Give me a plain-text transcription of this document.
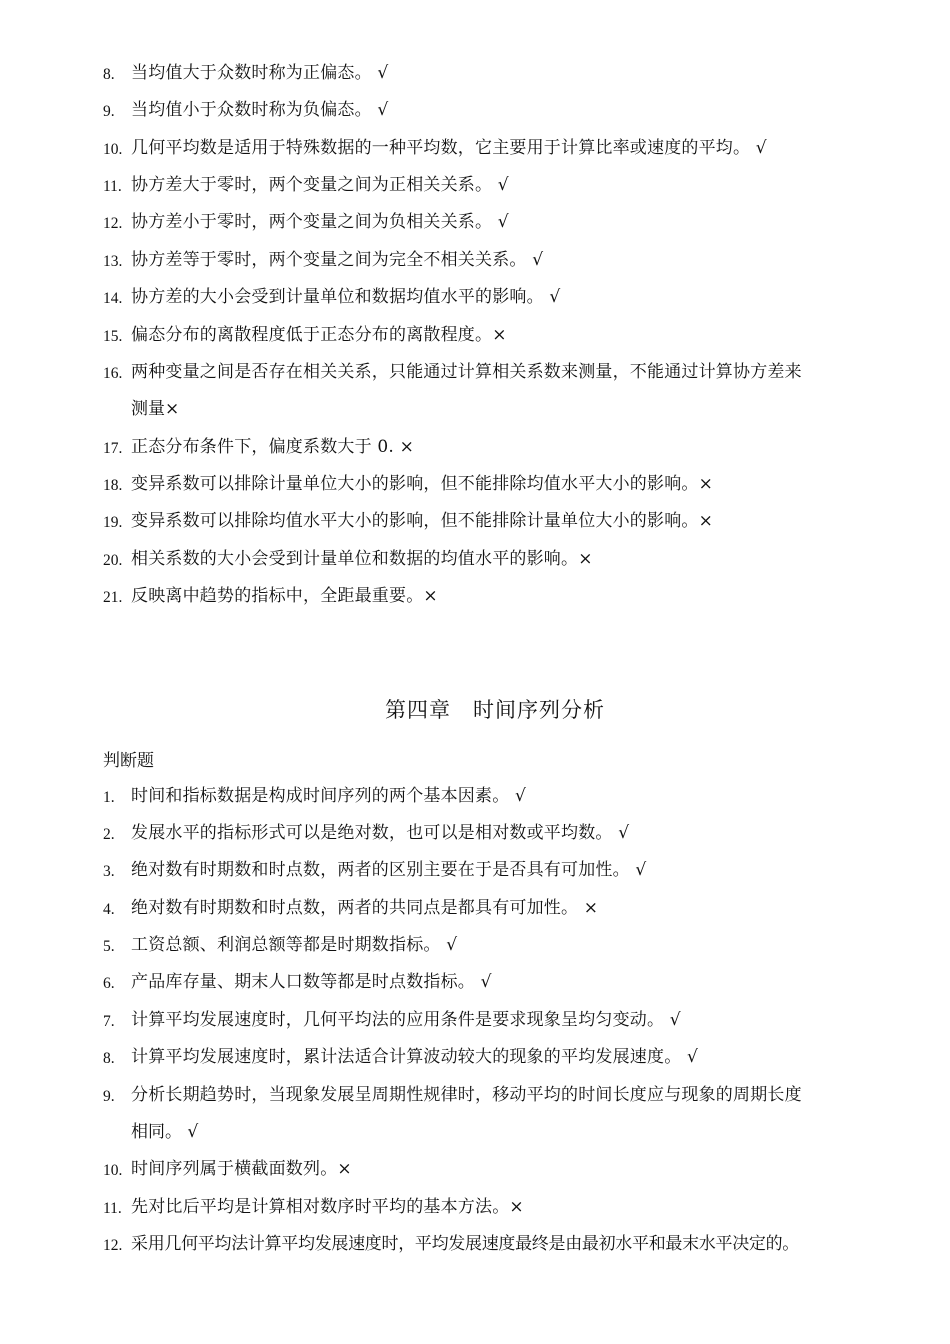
8. 当均值大于众数时称为正偏态。 √
9. 当均值小于众数时称为负偏态。 √
10. 几何平均数是适用于特殊数据的一种平均数，它主要用于计算比率或速度的平均。 √
11. 协方差大于零时，两个变量之间为正相关关系。 √
12. 协方差小于零时，两个变量之间为负相关关系。 √
13. 协方差等于零时，两个变量之间为完全不相关关系。 √
14. 协方差的大小会受到计量单位和数据均值水平的影响。 √
15. 偏态分布的离散程度低于正态分布的离散程度。×
16. 两种变量之间是否存在相关关系，只能通过计算相关系数来测量，不能通过计算协方差来
测量×
17. 正态分布条件下，偏度系数大于 0. ×
18. 变异系数可以排除计量单位大小的影响，但不能排除均值水平大小的影响。×
19. 变异系数可以排除均值水平大小的影响，但不能排除计量单位大小的影响。×
20. 相关系数的大小会受到计量单位和数据的均值水平的影响。×
21. 反映离中趋势的指标中，全距最重要。×
第四章　时间序列分析
判断题
1. 时间和指标数据是构成时间序列的两个基本因素。 √
2. 发展水平的指标形式可以是绝对数，也可以是相对数或平均数。 √
3. 绝对数有时期数和时点数，两者的区别主要在于是否具有可加性。 √
4. 绝对数有时期数和时点数，两者的共同点是都具有可加性。 ×
5. 工资总额、利润总额等都是时期数指标。 √
6. 产品库存量、期末人口数等都是时点数指标。 √
7. 计算平均发展速度时，几何平均法的应用条件是要求现象呈均匀变动。 √
8. 计算平均发展速度时，累计法适合计算波动较大的现象的平均发展速度。 √
9. 分析长期趋势时，当现象发展呈周期性规律时，移动平均的时间长度应与现象的周期长度
相同。 √
10. 时间序列属于横截面数列。×
11. 先对比后平均是计算相对数序时平均的基本方法。×
12. 采用几何平均法计算平均发展速度时，平均发展速度最终是由最初水平和最末水平决定的。
